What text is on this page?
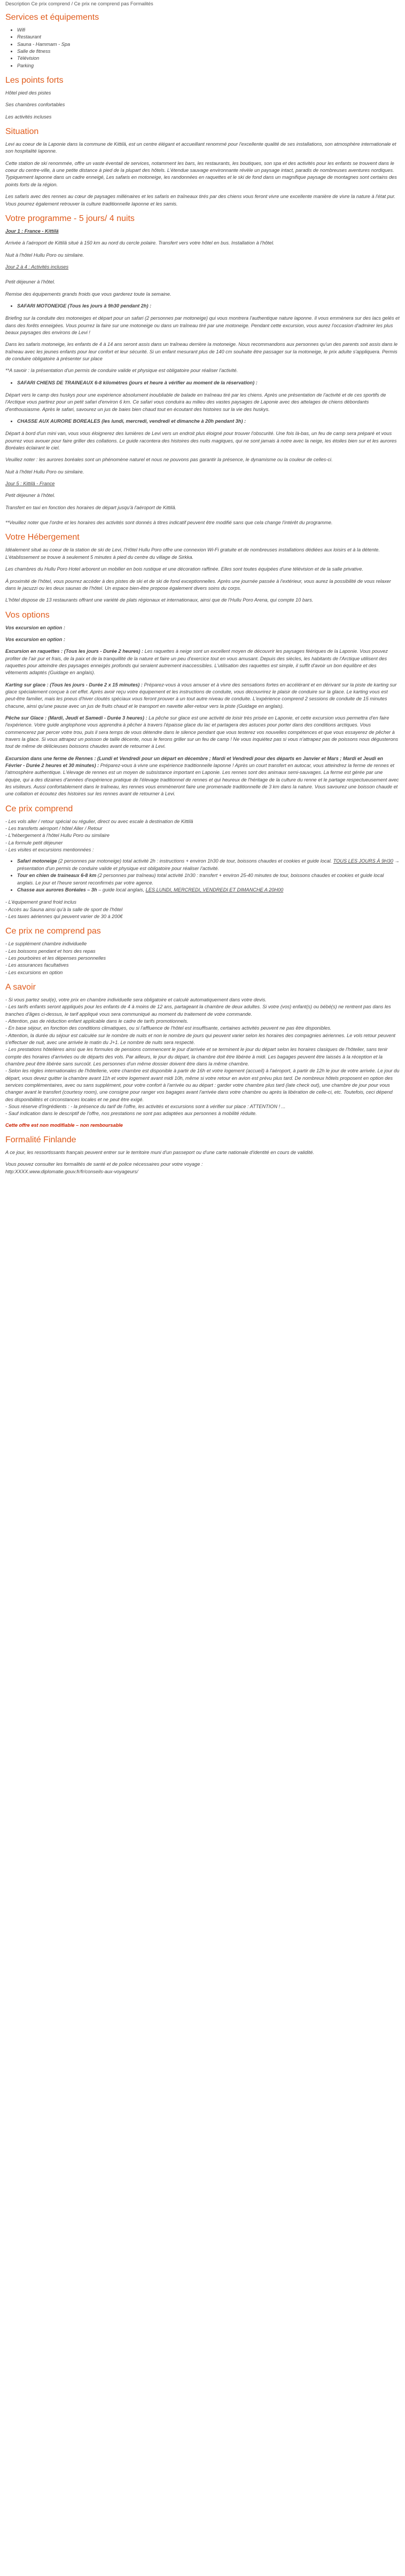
Description Ce prix comprend / Ce prix ne comprend pas Formalités
Services et équipements
• Wifi
• Restaurant
• Sauna - Hammam - Spa
• Salle de fitness
• Télévision
• Parking
Les points forts

Hôtel pied des pistes

Ses chambres confortables

Les activités incluses

Situation

Levi au coeur de la Laponie dans la commune de Kittilä, est un centre élégant et accueillant renommé pour l'excellente qualité de ses installations, son atmosphère internationale et son hospitalité laponne.

Cette station de ski renommée, offre un vaste éventail de services, notamment les bars, les restaurants, les boutiques, son spa et des activités pour les enfants se trouvent dans le coeur du centre-ville, à une petite distance à pied de la plupart des hôtels. L'étendue sauvage environnante révèle un paysage intact, paradis de nombreuses aventures nordiques. Typiquement laponne dans un cadre enneigé, Les safaris en motoneige, les randonnées en raquettes et le ski de fond dans un magnifique paysage de montagnes sont certains des points forts de la région.

Les safaris avec des rennes au cœur de paysages millénaires et les safaris en traîneaux tirés par des chiens vous feront vivre une excellente manière de vivre la nature à l'état pur. Vous pourrez également retrouver la culture traditionnelle laponne et les samis.

Votre programme - 5 jours/ 4 nuits

Jour 1 : France - Kittilä

Arrivée à l'aéroport de Kittilä situé à 150 km au nord du cercle polaire. Transfert vers votre hôtel en bus. Installation à l'hôtel.

Nuit à l'hôtel Hullu Poro ou similaire.

Jour 2 à 4 : Activités incluses

Petit déjeuner à l'hôtel.

Remise des équipements grands froids que vous garderez toute la semaine.

• SAFARI MOTONEIGE (Tous les jours à 9h30 pendant 2h) :

Briefing sur la conduite des motoneiges et départ pour un safari (2 personnes par motoneige) qui vous montrera l'authentique nature laponne. Il vous emmènera sur des lacs gelés et dans des forêts enneigées. Vous pourrez la faire sur une motoneige ou dans un traîneau tiré par une motoneige. Pendant cette excursion, vous aurez l'occasion d'admirer les plus beaux paysages des environs de Levi !

Dans les safaris motoneige, les enfants de 4 à 14 ans seront assis dans un traîneau derrière la motoneige. Nous recommandons aux personnes qu'un des parents soit assis dans le traîneau avec les jeunes enfants pour leur confort et leur sécurité. Si un enfant mesurant plus de 140 cm souhaite être passager sur la motoneige, le prix adulte s'appliquera. Permis de conduire obligatoire à présenter sur place

**A savoir : la présentation d'un permis de conduire valide et physique est obligatoire pour réaliser l'activité.

• SAFARI CHIENS DE TRAINEAUX 6-8 kilomètres (jours et heure à vérifier au moment de la réservation) :

Départ vers le camp des huskys pour une expérience absolument inoubliable de balade en traîneau tiré par les chiens. Après une présentation de l'activité et de ces sportifs de l'Arctique vous partirez pour un petit safari d'environ 6 km. Ce safari vous conduira au milieu des vastes paysages de Laponie avec des attelages de chiens débordants d'enthousiasme. Après le safari, savourez un jus de baies bien chaud tout en écoutant des histoires sur la vie des huskys.

• CHASSE AUX AURORE BOREALES (les lundi, mercredi, vendredi et dimanche à 20h pendant 3h) :

Départ à bord d'un mini van, vous vous éloignerez des lumières de Levi vers un endroit plus éloigné pour trouver l'obscurité. Une fois là-bas, un feu de camp sera préparé et vous pourrez vous avouer pour faire griller des collations. Le guide racontera des histoires des nuits magiques, qui ne sont jamais à notre avec la neige, les étoiles bien sur et les aurores Boréales éclairant le ciel.

Veuillez noter : les aurores boréales sont un phénomène naturel et nous ne pouvons pas garantir la présence, le dynamisme ou la couleur de celles-ci.

Nuit à l'hôtel Hullu Poro ou similaire.

Jour 5 : Kittilä - France

Petit déjeuner à l'hôtel.

Transfert en taxi en fonction des horaires de départ jusqu'à l'aéroport de Kittilä.

**Veuillez noter que l'ordre et les horaires des activités sont donnés à titres indicatif peuvent être modifié sans que cela change l'intérêt du programme.

Votre Hébergement

Idéalement situé au coeur de la station de ski de Levi, l'Hôtel Hullu Poro offre une connexion Wi-Fi gratuite et de nombreuses installations dédiées aux loisirs et à la détente. L'établissement se trouve à seulement 5 minutes à pied du centre du village de Sirkka.

Les chambres du Hullu Poro Hotel arborent un mobilier en bois rustique et une décoration raffinée. Elles sont toutes équipées d'une télévision et de la salle privative.

À proximité de l'hôtel, vous pourrez accéder à des pistes de ski et de ski de fond exceptionnelles. Après une journée passée à l'extérieur, vous aurez la possibilité de vous relaxer dans le jacuzzi ou les deux saunas de l'hôtel. Un espace bien-être propose également divers soins du corps.

L'hôtel dispose de 13 restaurants offrant une variété de plats régionaux et internationaux, ainsi que de l'Hullu Poro Arena, qui compte 10 bars.

Vos options

Vos excursion en option :

Vos excursion en option :

Excursion en raquettes : (Tous les jours - Durée 2 heures) : Les raquettes à neige sont un excellent moyen de découvrir les paysages féériques de la Laponie. Vous pouvez profiter de l'air pur et frais, de la paix et de la tranquillité de la nature et faire un peu d'exercice tout en vous amusant. Depuis des siècles, les habitants de l'Arctique utilisent des raquettes pour atteindre des paysages enneigés profonds qui seraient autrement inaccessibles. L'utilisation des raquettes est simple, il suffit d'avoir un bon équilibre et des vêtements adaptés (Guidage en anglais).

Karting sur glace : (Tous les jours - Durée 2 x 15 minutes) : Préparez-vous à vous amuser et à vivre des sensations fortes en accélérant et en dérivant sur la piste de karting sur glace spécialement conçue à cet effet. Après avoir reçu votre équipement et les instructions de conduite, vous découvrirez le plaisir de conduire sur la glace. Le karting vous est peut-être familier, mais les pneus d'hiver cloutés spéciaux vous feront prouver à un tout autre niveau de conduite. L'expérience comprend 2 sessions de conduite de 15 minutes chacune, ainsi qu'une pause avec un jus de fruits chaud et le transport en navette aller-retour vers la piste (Guidage en anglais).

Pêche sur Glace : (Mardi, Jeudi et Samedi - Durée 3 heures) : La pêche sur glace est une activité de loisir très prisée en Laponie, et cette excursion vous permettra d'en faire l'expérience. Votre guide anglophone vous apprendra à pêcher à travers l'épaisse glace du lac et partagera des astuces pour porter dans des conditions arctiques. Vous commencerez par percer votre trou, puis il sera temps de vous détendre dans le silence pendant que vous testerez vos nouvelles compétences et que vous essayerez de pêcher à travers la glace. Si vous attrapez un poisson de taille décente, nous le ferons griller sur un feu de camp ! Ne vous inquiétez pas si vous n'attrapez pas de poissons nous dégusterons tout de même de délicieuses boissons chaudes avant de retourner à Levi.

Excursion dans une ferme de Rennes : (Lundi et Vendredi pour un départ en décembre ; Mardi et Vendredi pour des départs en Janvier et Mars ; Mardi et Jeudi en Février - Durée 2 heures et 30 minutes) : Préparez-vous à vivre une expérience traditionnelle laponne ! Après un court transfert en autocar, vous atteindrez la ferme de rennes et l'atmosphère authentique. L'élevage de rennes est un moyen de subsistance important en Laponie. Les rennes sont des animaux semi-sauvages. La ferme est gérée par une équipe, qui a des dizaines d'années d'expérience pratique de l'élevage traditionnel de rennes et qui heureux de l'héritage de la culture du renne et le partage respectueusement avec les visiteurs. Aussi confortablement dans le traîneau, les rennes vous emmèneront faire une promenade traditionnelle de 3 km dans la nature. Vous savourez une boisson chaude et une collation et écoutez des histoires sur les rennes avant de retourner à Levi.

Ce prix comprend

- Les vols aller / retour spécial ou régulier, direct ou avec escale à destination de Kittilä

- Les transferts aéroport / hôtel Aller / Retour

- L'hébergement à l'hôtel Hullu Poro ou similaire

- La formule petit déjeuner

- Les visites et excursions mentionnées :

• Safari motoneige (2 personnes par motoneige) total activité 2h : instructions + environ 1h30 de tour, boissons chaudes et cookies et guide local. TOUS LES JOURS À 9H30 → présentation d'un permis de conduire valide et physique est obligatoire pour réaliser l'activité.
• Tour en chien de traineaux 6-8 km (2 personnes par traîneau) total activité 1h30 : transfert + environ 25-40 minutes de tour, boissons chaudes et cookies et guide local anglais. Le jour et l'heure seront reconfirmés par votre agence.
• Chasse aux aurores Boréales – 3h – guide local anglais, LES LUNDI, MERCREDI, VENDREDI ET DIMANCHE A 20H00

- L'équipement grand froid inclus

- Accès au Sauna ainsi qu'à la salle de sport de l'hôtel

- Les taxes aériennes qui peuvent varier de 30 à 200€

Ce prix ne comprend pas

- Le supplément chambre individuelle

- Les boissons pendant et hors des repas

- Les pourboires et les dépenses personnelles

- Les assurances facultatives

- Les excursions en option

A savoir

- Si vous partez seul(e), votre prix en chambre individuelle sera obligatoire et calculé automatiquement dans votre devis.

- Les tarifs enfants seront appliqués pour les enfants de 4 à moins de 12 ans, partageant la chambre de deux adultes. Si votre (vos) enfant(s) ou bébé(s) ne rentrent pas dans les tranches d'âges ci-dessus, le tarif appliqué vous sera communiqué au moment du traitement de votre commande.

- Attention, pas de réduction enfant applicable dans le cadre de tarifs promotionnels.

- En base séjour, en fonction des conditions climatiques, ou si l'affluence de l'hôtel est insuffisante, certaines activités peuvent ne pas être disponibles.

- Attention, la durée du séjour est calculée sur le nombre de nuits et non le nombre de jours qui peuvent varier selon les horaires des compagnies aériennes. Le vols retour peuvent s'effectuer de nuit, avec une arrivée le matin du J+1. Le nombre de nuits sera respecté.

- Les prestations hôtelières ainsi que les formules de pensions commencent le jour d'arrivée et se terminent le jour du départ selon les horaires clasiques de l'hôtelier, sans tenir compte des horaires d'arrivées ou de départs des vols. Par ailleurs, le jour du départ, la chambre doit être libérée à midi. Les bagages peuvent être laissés à la réception et la chambre peut être libérée sans surcoût. Les personnes d'un même dossier doivent être dans la même chambre.

- Selon les règles internationales de l'hôtellerie, votre chambre est disponible à partir de 16h et votre logement (accueil) à l'aéroport, à partir de 12h le jour de votre arrivée. Le jour du départ, vous devez quitter la chambre avant 11h et votre logement avant midi 10h, même si votre retour en avion est prévu plus tard. De nombreux hôtels proposent en option des services complémentaires, avec ou sans supplément, pour votre confort à l'arrivée ou au départ : garder votre chambre plus tard (late check out), une chambre de jour pour vous changer avant le transfert (courtesy room), une consigne pour ranger vos bagages avant l'arrivée dans votre chambre ou après la libération de celle-ci, etc. Toutefois, ceci dépend des disponibilités et circonstances locales et ne peut être exigé.

- Sous réserve d'Ingrédients : - la présence du tarif de l'offre, les activités et excursions sont à vérifier sur place : ATTENTION ! ...

- Sauf indication dans le descriptif de l'offre, nos prestations ne sont pas adaptées aux personnes à mobilité réduite.

Cette offre est non modifiable – non remboursable

Formalité Finlande

A ce jour, les ressortissants français peuvent entrer sur le territoire muni d'un passeport ou d'une carte nationale d'identité en cours de validité.

Vous pouvez consulter les formalités de santé et de police nécessaires pour votre voyage :

http:XXXX.www.diplomatie.gouv.fr/fr/conseils-aux-voyageurs/
